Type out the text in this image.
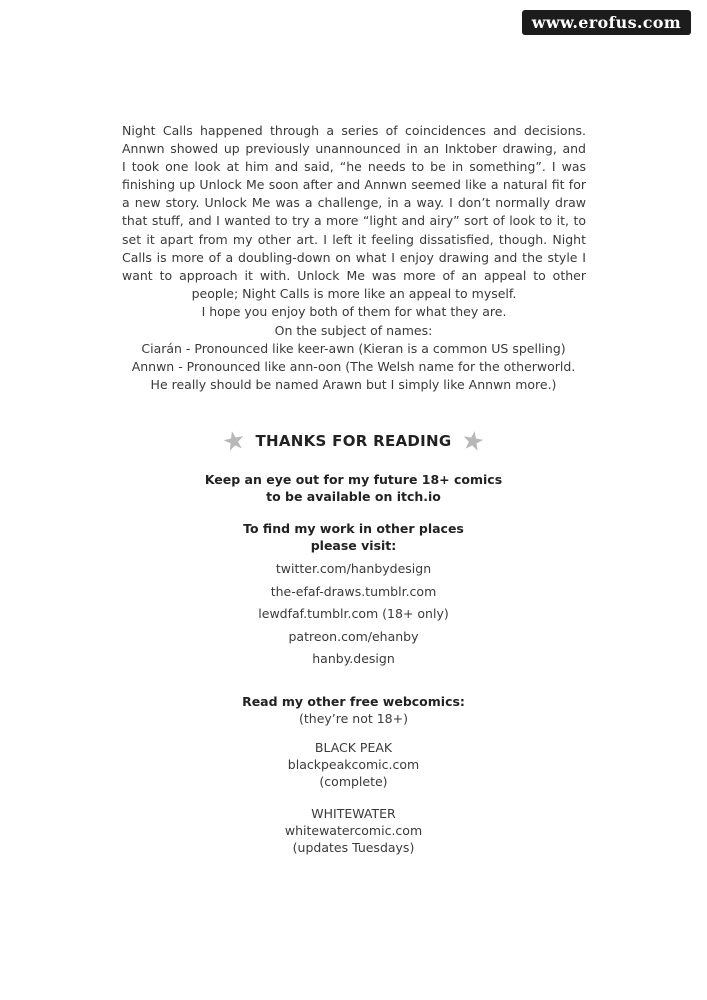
www.erofus.com

Night Calls happened through a series of coincidences and decisions.

Annwn showed up previously unannounced in an Inktober drawing, and

I took one look at him and said, “he needs to be in something”. I was

finishing up Unlock Me soon after and Annwn seemed like a natural fit for

a new story. Unlock Me was a challenge, in a way. I don’t normally draw

that stuff, and I wanted to try a more “light and airy” sort of look to it, to

set it apart from my other art. I left it feeling dissatisfied, though. Night

Calls is more of a doubling-down on what I enjoy drawing and the style I

want to approach it with. Unlock Me was more of an appeal to other

people; Night Calls is more like an appeal to myself.

I hope you enjoy both of them for what they are.

On the subject of names:

Ciarán - Pronounced like keer-awn (Kieran is a common US spelling)

Annwn - Pronounced like ann-oon (The Welsh name for the otherworld.

He really should be named Arawn but I simply like Annwn more.)

THANKS FOR READING

Keep an eye out for my future 18+ comics

to be available on itch.io

To find my work in other places

please visit:

twitter.com/hanbydesign

the-efaf-draws.tumblr.com

lewdfaf.tumblr.com (18+ only)

patreon.com/ehanby

hanby.design

Read my other free webcomics:

(they’re not 18+)

BLACK PEAK

blackpeakcomic.com

(complete)

WHITEWATER

whitewatercomic.com

(updates Tuesdays)
